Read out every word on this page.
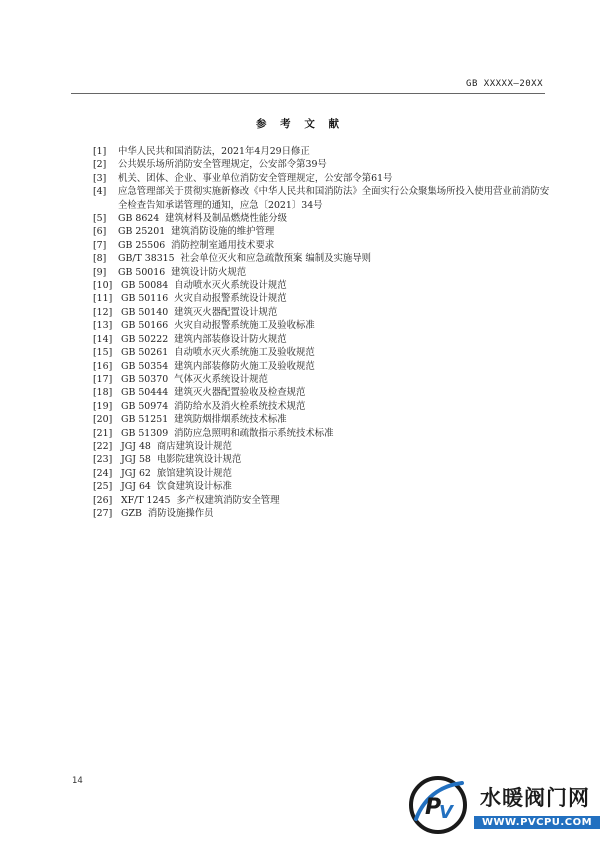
GB XXXXX—20XX
参 考 文 献
[1]	中华人民共和国消防法，2021年4月29日修正
[2]	公共娱乐场所消防安全管理规定，公安部令第39号
[3]	机关、团体、企业、事业单位消防安全管理规定，公安部令第61号
[4]	应急管理部关于贯彻实施新修改《中华人民共和国消防法》全面实行公众聚集场所投入使用营业前消防安全检查告知承诺管理的通知，应急〔2021〕34号
[5]	GB 8624  建筑材料及制品燃烧性能分级
[6]	GB 25201  建筑消防设施的维护管理
[7]	GB 25506  消防控制室通用技术要求
[8]	GB/T 38315  社会单位灭火和应急疏散预案 编制及实施导则
[9]	GB 50016  建筑设计防火规范
[10] GB 50084  自动喷水灭火系统设计规范
[11] GB 50116  火灾自动报警系统设计规范
[12] GB 50140  建筑灭火器配置设计规范
[13] GB 50166  火灾自动报警系统施工及验收标准
[14] GB 50222  建筑内部装修设计防火规范
[15] GB 50261  自动喷水灭火系统施工及验收规范
[16] GB 50354  建筑内部装修防火施工及验收规范
[17] GB 50370  气体灭火系统设计规范
[18] GB 50444  建筑灭火器配置验收及检查规范
[19] GB 50974  消防给水及消火栓系统技术规范
[20] GB 51251  建筑防烟排烟系统技术标准
[21] GB 51309  消防应急照明和疏散指示系统技术标准
[22] JGJ 48  商店建筑设计规范
[23] JGJ 58  电影院建筑设计规范
[24] JGJ 62  旅馆建筑设计规范
[25] JGJ 64  饮食建筑设计标准
[26] XF/T 1245  多产权建筑消防安全管理
[27] GZB  消防设施操作员
14
P
V
水暖阀门网
WWW.PVCPU.COM
